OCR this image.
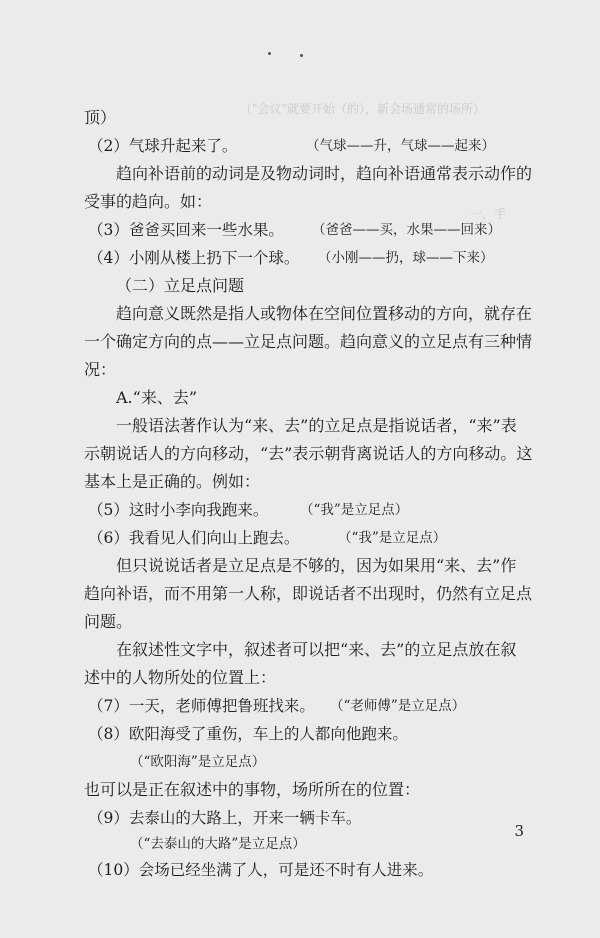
（"会议"就要开始（的），新会场通常的场所）
一，手
顶）
（2）气球升起来了。	（气球——升，气球——起来）
趋向补语前的动词是及物动词时，趋向补语通常表示动作的
受事的趋向。如：
（3）爸爸买回来一些水果。 （爸爸——买，水果——回来）
（4）小刚从楼上扔下一个球。 （小刚——扔，球——下来）
（二）立足点问题
趋向意义既然是指人或物体在空间位置移动的方向，就存在
一个确定方向的点——立足点问题。趋向意义的立足点有三种情
况：
A.“来、去”
一般语法著作认为“来、去”的立足点是指说话者，“来”表
示朝说话人的方向移动，“去”表示朝背离说话人的方向移动。这
基本上是正确的。例如：
（5）这时小李向我跑来。 （“我”是立足点）
（6）我看见人们向山上跑去。	（“我”是立足点）
但只说说话者是立足点是不够的，因为如果用“来、去”作
趋向补语，而不用第一人称，即说话者不出现时，仍然有立足点
问题。
在叙述性文字中，叙述者可以把“来、去”的立足点放在叙
述中的人物所处的位置上：
（7）一天，老师傅把鲁班找来。 （“老师傅”是立足点）
（8）欧阳海受了重伤，车上的人都向他跑来。
（“欧阳海”是立足点）
也可以是正在叙述中的事物，场所所在的位置：
（9）去泰山的大路上，开来一辆卡车。
（“去泰山的大路”是立足点）
（10）会场已经坐满了人，可是还不时有人进来。
3
